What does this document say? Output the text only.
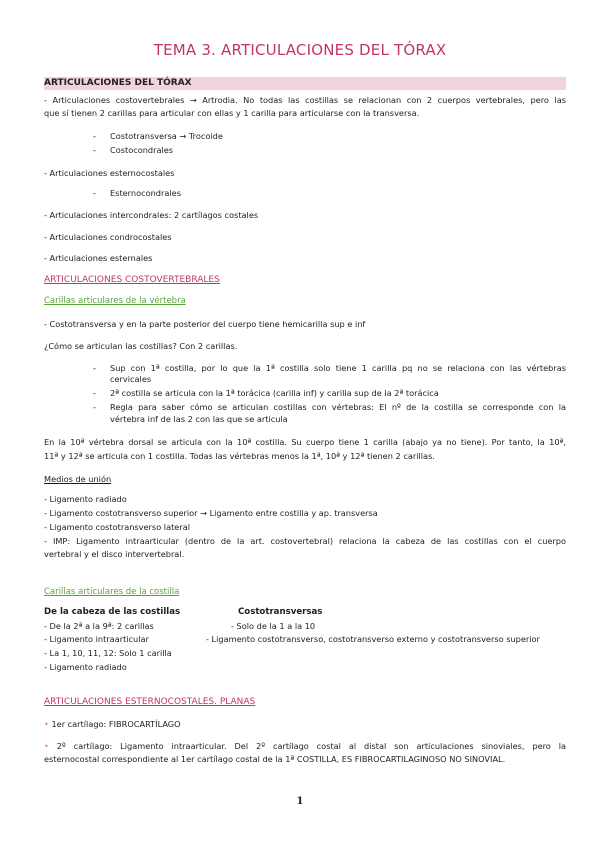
TEMA 3. ARTICULACIONES DEL TÓRAX
ARTICULACIONES DEL TÓRAX
- Articulaciones costovertebrales → Artrodia. No todas las costillas se relacionan con 2 cuerpos vertebrales, pero las
que sí tienen 2 carillas para articular con ellas y 1 carilla para articularse con la transversa.
- Costotransversa → Trocoide
- Costocondrales
- Articulaciones esternocostales
- Esternocondrales
- Articulaciones intercondrales: 2 cartílagos costales
- Articulaciones condrocostales
- Articulaciones esternales
ARTICULACIONES COSTOVERTEBRALES
Carillas articulares de la vértebra
- Costotransversa y en la parte posterior del cuerpo tiene hemicarilla sup e inf
¿Cómo se articulan las costillas? Con 2 carillas.
- Sup con 1ª costilla, por lo que la 1ª costilla solo tiene 1 carilla pq no se relaciona con las vértebras
cervicales
- 2ª costilla se articula con la 1ª torácica (carilla inf) y carilla sup de la 2ª torácica
- Regla para saber cómo se articulan costillas con vértebras: El nº de la costilla se corresponde con la
vértebra inf de las 2 con las que se articula
En la 10ª vértebra dorsal se articula con la 10ª costilla. Su cuerpo tiene 1 carilla (abajo ya no tiene). Por tanto, la 10ª,
11ª y 12ª se articula con 1 costilla. Todas las vértebras menos la 1ª, 10ª y 12ª tienen 2 carillas.
Medios de unión
- Ligamento radiado
- Ligamento costotransverso superior → Ligamento entre costilla y ap. transversa
- Ligamento costotransverso lateral
- IMP: Ligamento intraarticular (dentro de la art. costovertebral) relaciona la cabeza de las costillas con el cuerpo
vertebral y el disco intervertebral.
Carillas articulares de la costilla
De la cabeza de las costillas	Costotransversas
- De la 2ª a la 9ª: 2 carillas
- Ligamento intraarticular
- La 1, 10, 11, 12: Solo 1 carilla
- Ligamento radiado
- Solo de la 1 a la 10
- Ligamento costotransverso, costotransverso externo y costotransverso superior
ARTICULACIONES ESTERNOCOSTALES. PLANAS
• 1er cartílago: FIBROCARTÍLAGO
• 2º cartílago: Ligamento intraarticular. Del 2º cartílago costal al distal son articulaciones sinoviales, pero la
esternocostal correspondiente al 1er cartílago costal de la 1ª COSTILLA, ES FIBROCARTILAGINOSO NO SINOVIAL.
1
